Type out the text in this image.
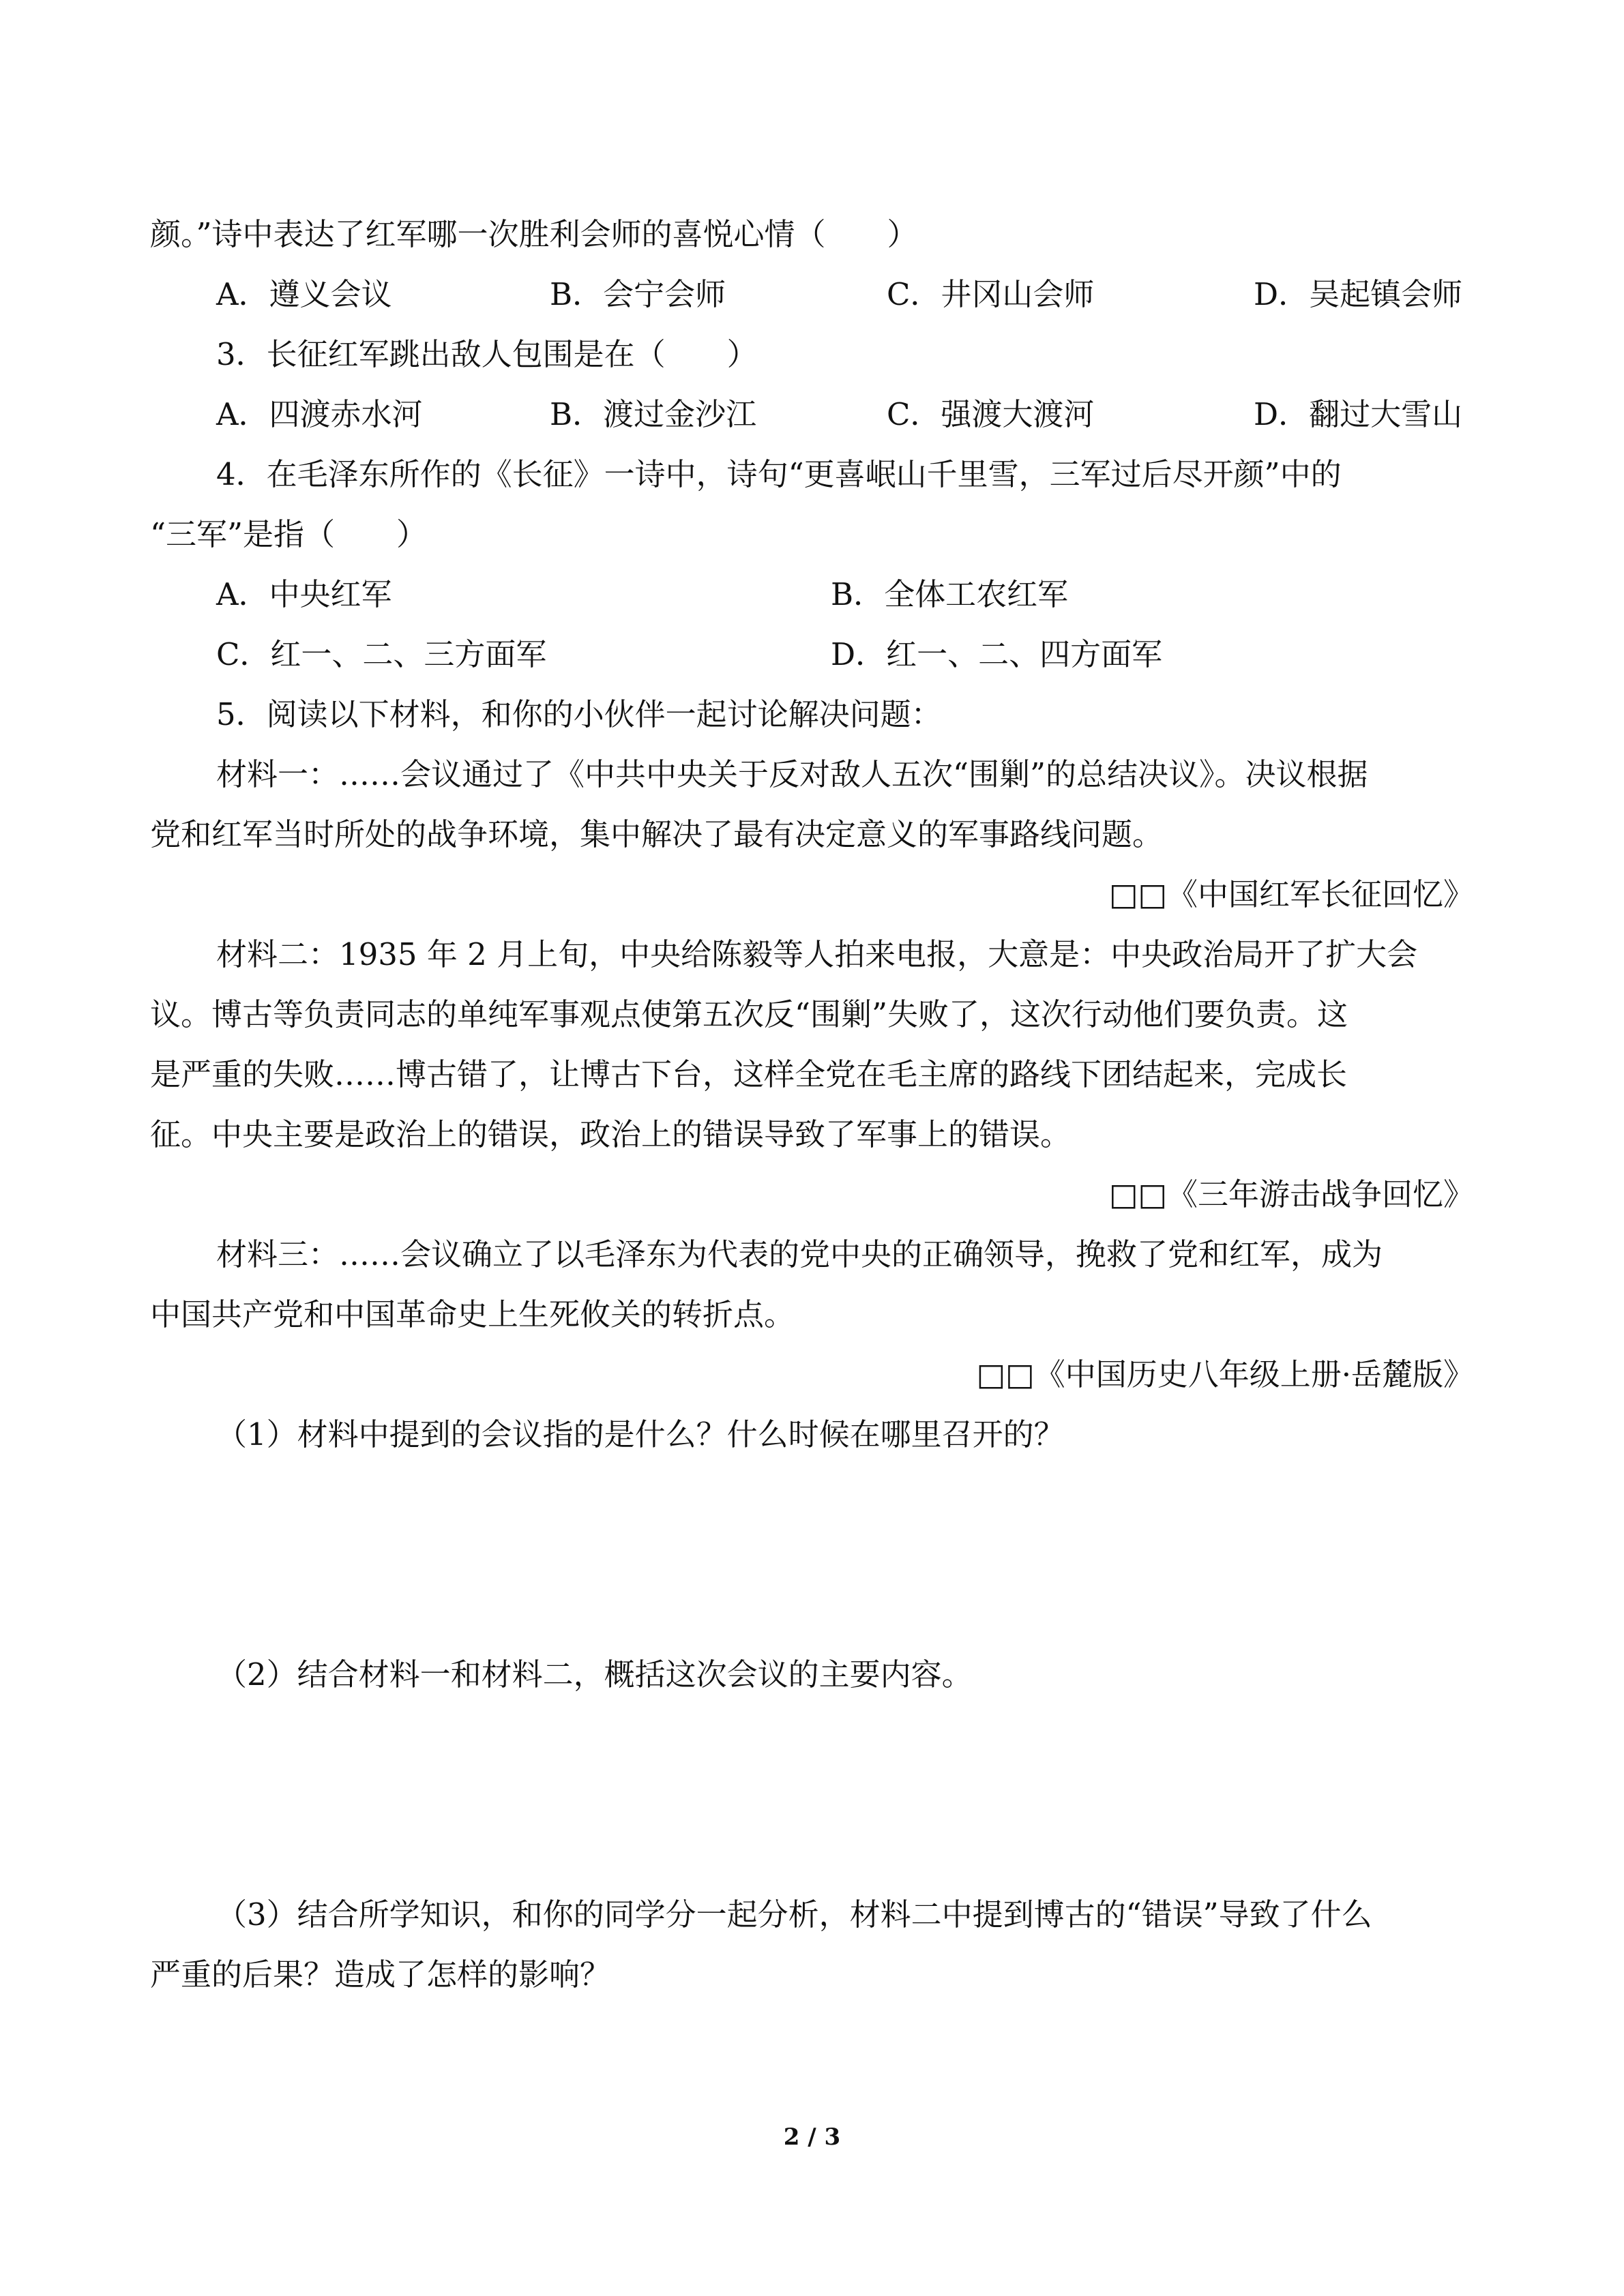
颜。”诗中表达了红军哪一次胜利会师的喜悦心情（　　）
A．遵义会议	B．会宁会师	C．井冈山会师	D．吴起镇会师
3．长征红军跳出敌人包围是在（　　）
A．四渡赤水河	B．渡过金沙江	C．强渡大渡河	D．翻过大雪山
4．在毛泽东所作的《长征》一诗中，诗句“更喜岷山千里雪，三军过后尽开颜”中的
“三军”是指（　　）
A．中央红军	B．全体工农红军
C．红一、二、三方面军	D．红一、二、四方面军
5．阅读以下材料，和你的小伙伴一起讨论解决问题：
材料一：……会议通过了《中共中央关于反对敌人五次“围剿”的总结决议》。决议根据
党和红军当时所处的战争环境，集中解决了最有决定意义的军事路线问题。
□□《中国红军长征回忆》
材料二：1935 年 2 月上旬，中央给陈毅等人拍来电报，大意是：中央政治局开了扩大会
议。博古等负责同志的单纯军事观点使第五次反“围剿”失败了，这次行动他们要负责。这
是严重的失败……博古错了，让博古下台，这样全党在毛主席的路线下团结起来，完成长
征。中央主要是政治上的错误，政治上的错误导致了军事上的错误。
□□《三年游击战争回忆》
材料三：……会议确立了以毛泽东为代表的党中央的正确领导，挽救了党和红军，成为
中国共产党和中国革命史上生死攸关的转折点。
□□《中国历史八年级上册·岳麓版》
（1）材料中提到的会议指的是什么？什么时候在哪里召开的？
（2）结合材料一和材料二，概括这次会议的主要内容。
（3）结合所学知识，和你的同学分一起分析，材料二中提到博古的“错误”导致了什么
严重的后果？造成了怎样的影响？
2 / 3
